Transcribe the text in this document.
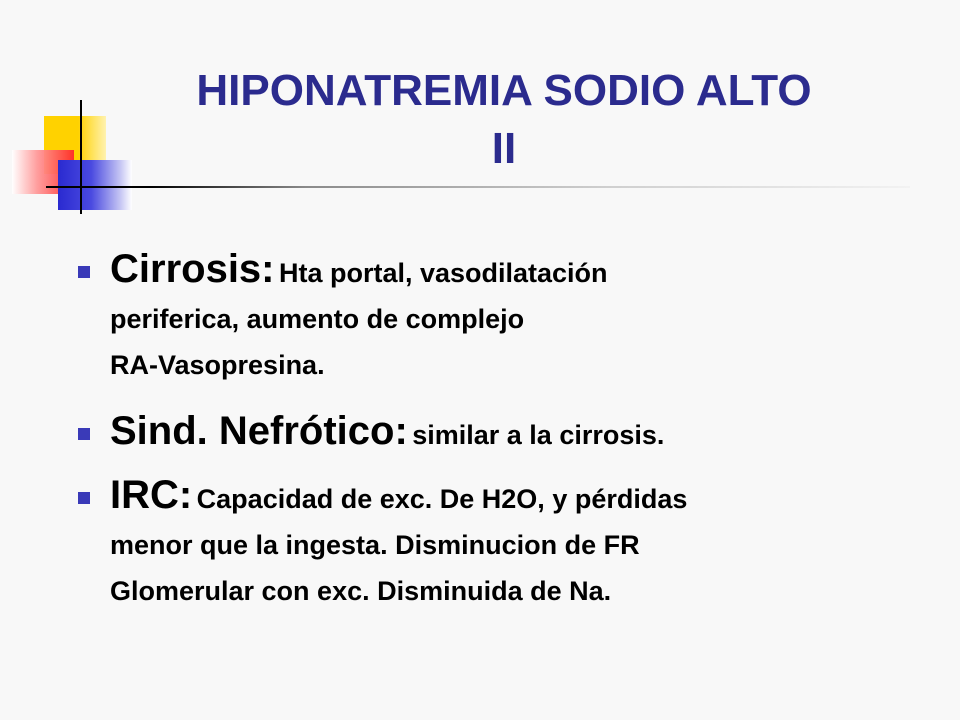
HIPONATREMIA SODIO ALTO
II
Cirrosis: Hta portal, vasodilatación
periferica, aumento de complejo
RA-Vasopresina.
Sind. Nefrótico: similar a la cirrosis.
IRC: Capacidad de exc. De H2O, y pérdidas
menor que la ingesta. Disminucion de FR
Glomerular con exc. Disminuida de Na.
